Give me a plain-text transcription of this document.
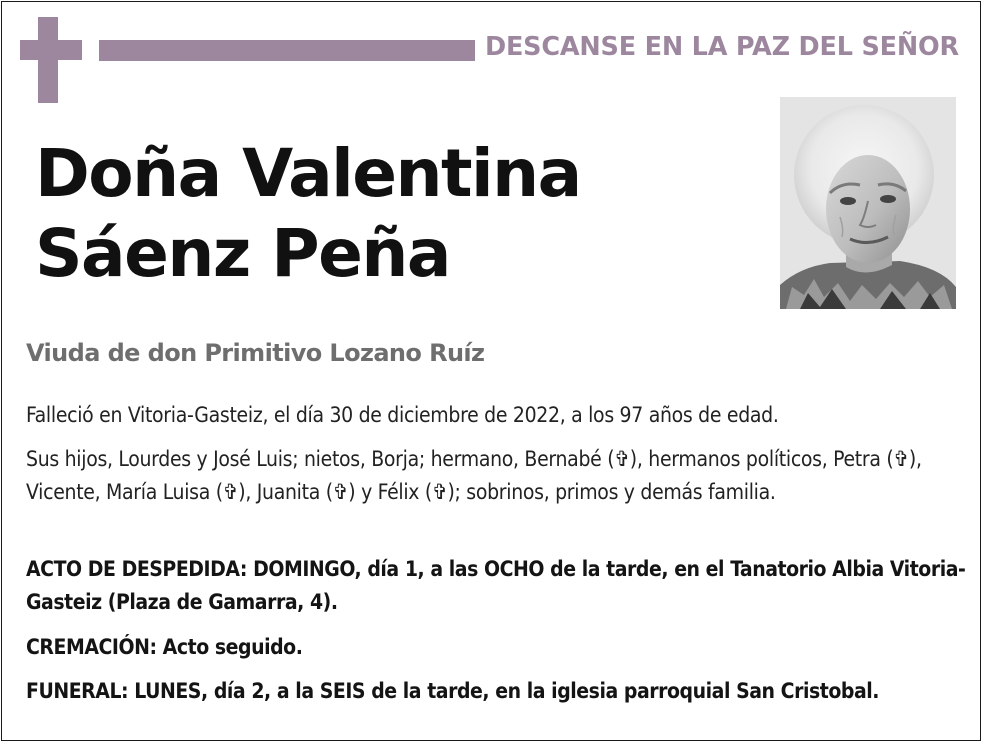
DESCANSE EN LA PAZ DEL SEÑOR
Doña Valentina
Sáenz Peña
Viuda de don Primitivo Lozano Ruíz

Falleció en Vitoria-Gasteiz, el día 30 de diciembre de 2022, a los 97 años de edad.

Sus hijos, Lourdes y José Luis; nietos, Borja; hermano, Bernabé (✞), hermanos políticos, Petra (✞), Vicente, María Luisa (✞), Juanita (✞) y Félix (✞); sobrinos, primos y demás familia.

ACTO DE DESPEDIDA: DOMINGO, día 1, a las OCHO de la tarde, en el Tanatorio Albia Vitoria-Gasteiz (Plaza de Gamarra, 4).

CREMACIÓN: Acto seguido.

FUNERAL: LUNES, día 2, a la SEIS de la tarde, en la iglesia parroquial San Cristobal.
